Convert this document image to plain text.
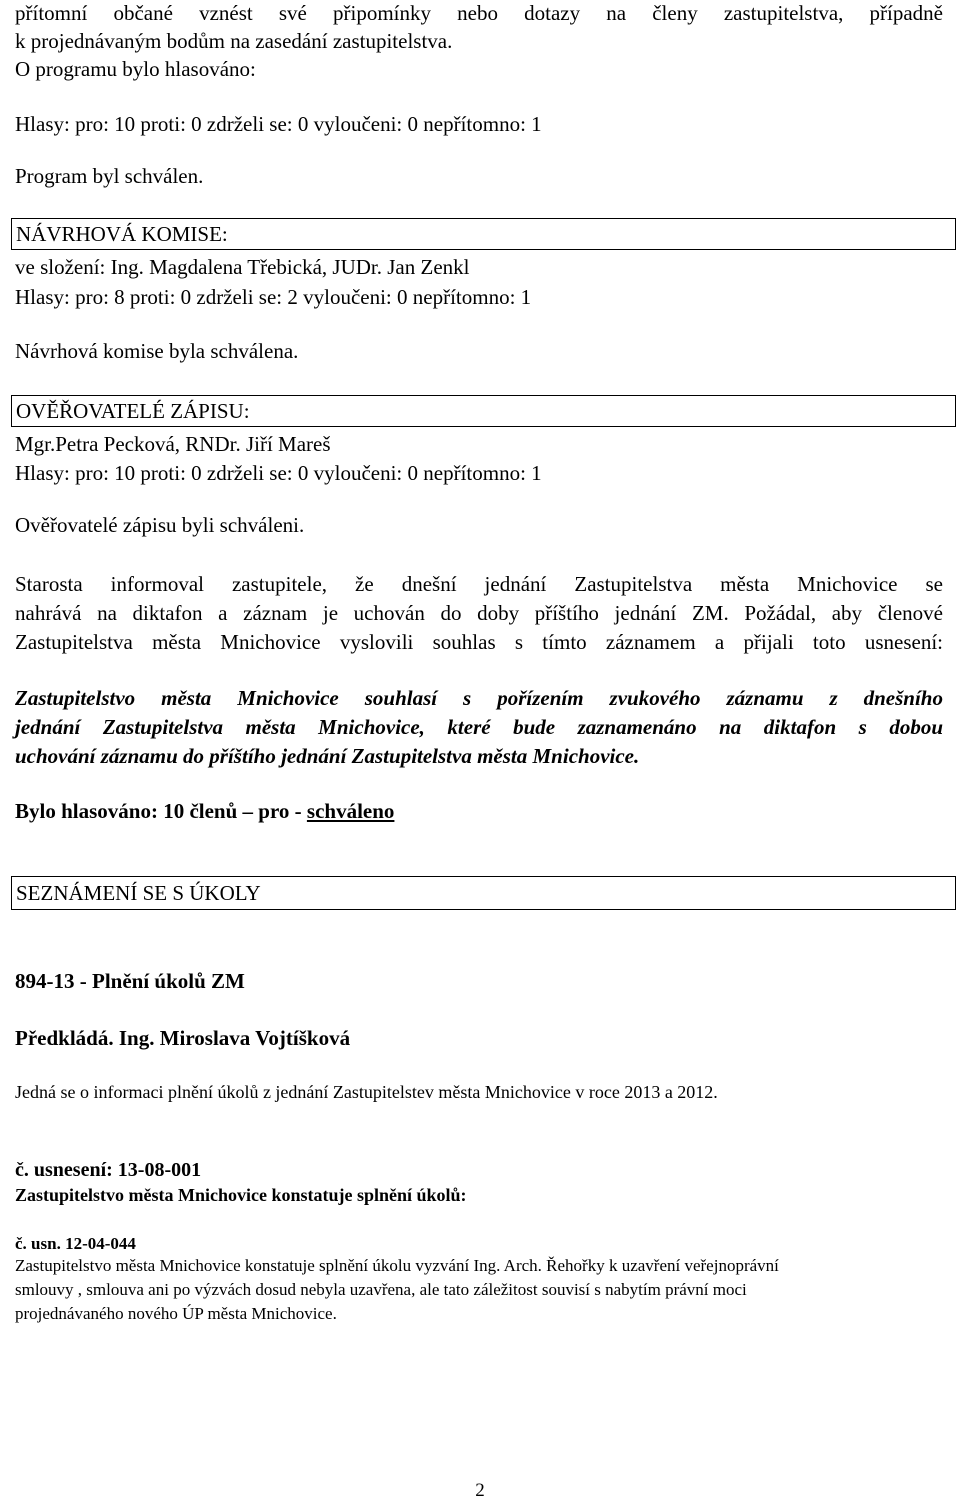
přítomní občané vznést své připomínky nebo dotazy na členy zastupitelstva, případně
k projednávaným bodům na zasedání zastupitelstva.
O programu bylo hlasováno:
Hlasy: pro: 10 proti: 0 zdrželi se: 0 vyloučeni: 0 nepřítomno: 1
Program byl schválen.
NÁVRHOVÁ KOMISE:
ve složení: Ing. Magdalena Třebická, JUDr. Jan Zenkl
Hlasy: pro: 8 proti: 0 zdrželi se: 2 vyloučeni: 0 nepřítomno: 1
Návrhová komise byla schválena.
OVĚŘOVATELÉ ZÁPISU:
Mgr.Petra Pecková, RNDr. Jiří Mareš
Hlasy: pro: 10 proti: 0 zdrželi se: 0 vyloučeni: 0 nepřítomno: 1
Ověřovatelé zápisu byli schváleni.
Starosta informoval zastupitele, že dnešní jednání Zastupitelstva města Mnichovice se
nahrává na diktafon a záznam je uchován do doby příštího jednání ZM. Požádal, aby členové
Zastupitelstva města Mnichovice vyslovili souhlas s tímto záznamem a přijali toto usnesení:
Zastupitelstvo města Mnichovice souhlasí s pořízením zvukového záznamu z dnešního
jednání Zastupitelstva města Mnichovice, které bude zaznamenáno na diktafon s dobou
uchování záznamu do příštího jednání Zastupitelstva města Mnichovice.
Bylo hlasováno: 10 členů – pro - schváleno
SEZNÁMENÍ SE S ÚKOLY
894-13 - Plnění úkolů ZM
Předkládá. Ing. Miroslava Vojtíšková
Jedná se o informaci plnění úkolů z jednání Zastupitelstev města Mnichovice v roce 2013 a 2012.
č. usnesení: 13-08-001
Zastupitelstvo města Mnichovice konstatuje splnění úkolů:
č. usn. 12-04-044
Zastupitelstvo města Mnichovice konstatuje splnění úkolu vyzvání Ing. Arch. Řehořky k uzavření veřejnoprávní
smlouvy , smlouva ani po výzvách dosud nebyla uzavřena, ale tato záležitost souvisí s nabytím právní moci
projednávaného nového ÚP města Mnichovice.
2
